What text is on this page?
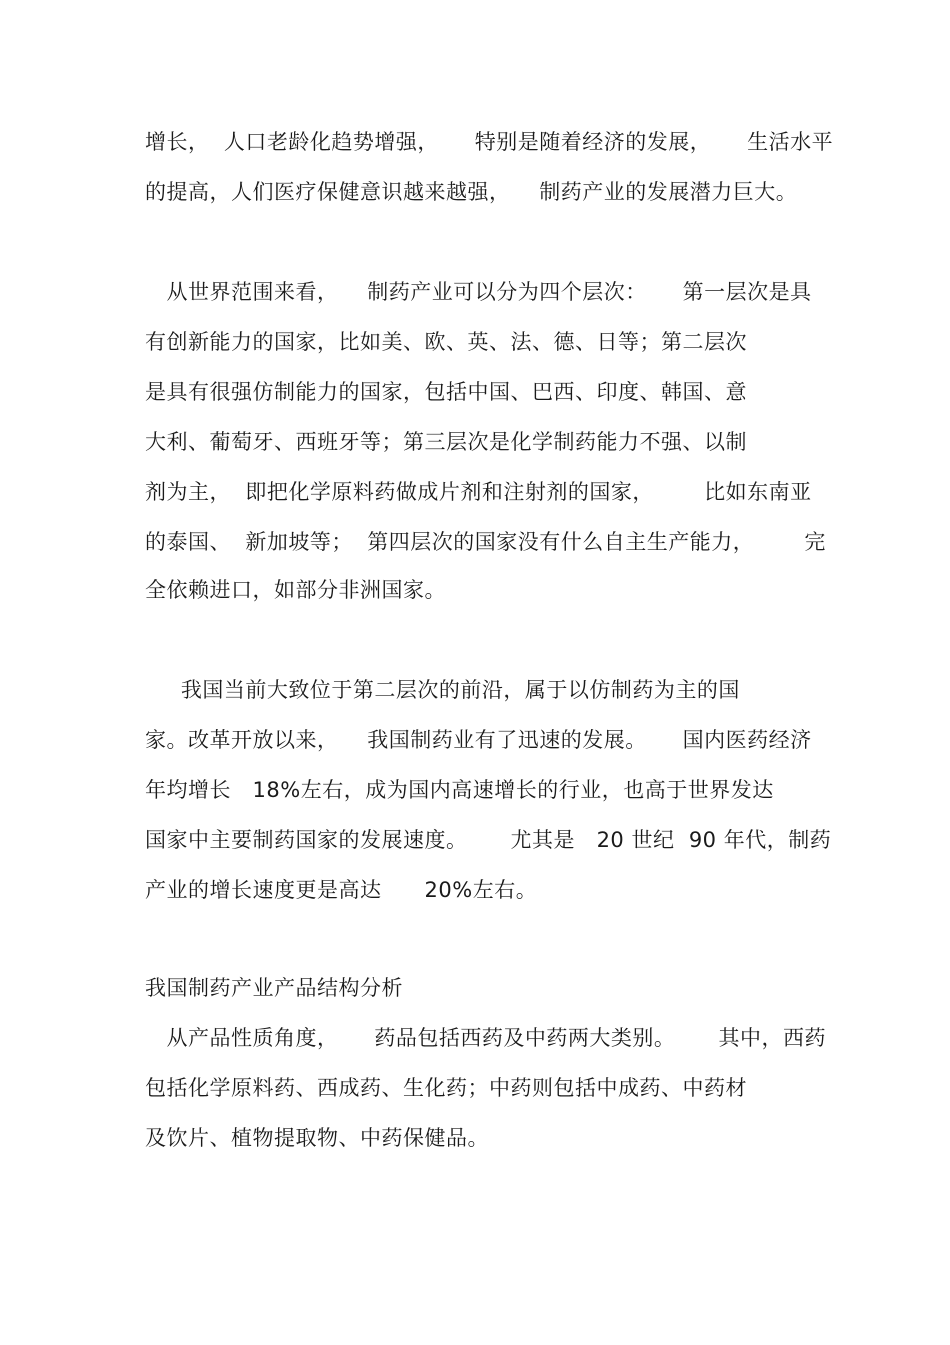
增长，  人口老龄化趋势增强，     特别是随着经济的发展，     生活水平
的提高，人们医疗保健意识越来越强，    制药产业的发展潜力巨大。
从世界范围来看，    制药产业可以分为四个层次：     第一层次是具
有创新能力的国家，比如美、欧、英、法、德、日等；第二层次
是具有很强仿制能力的国家，包括中国、巴西、印度、韩国、意
大利、葡萄牙、西班牙等；第三层次是化学制药能力不强、以制
剂为主，  即把化学原料药做成片剂和注射剂的国家，       比如东南亚
的泰国、  新加坡等；  第四层次的国家没有什么自主生产能力，       完
全依赖进口，如部分非洲国家。
我国当前大致位于第二层次的前沿，属于以仿制药为主的国
家。改革开放以来，    我国制药业有了迅速的发展。     国内医药经济
年均增长   18%左右，成为国内高速增长的行业，也高于世界发达
国家中主要制药国家的发展速度。      尤其是   20 世纪  90 年代，制药
产业的增长速度更是高达      20%左右。
我国制药产业产品结构分析
从产品性质角度，     药品包括西药及中药两大类别。      其中，西药
包括化学原料药、西成药、生化药；中药则包括中成药、中药材
及饮片、植物提取物、中药保健品。
